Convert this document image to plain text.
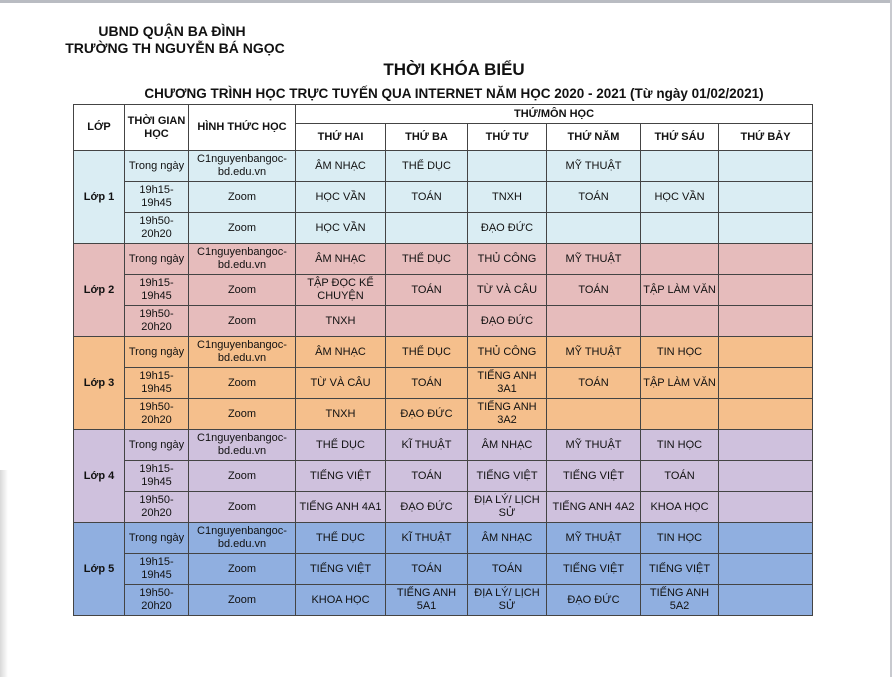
UBND QUẬN BA ĐÌNH
TRƯỜNG TH NGUYỄN BÁ NGỌC
THỜI KHÓA BIỂU
CHƯƠNG TRÌNH HỌC TRỰC TUYẾN QUA INTERNET NĂM HỌC 2020 - 2021 (Từ ngày 01/02/2021)
LỚP	THỜI GIAN HỌC	HÌNH THỨC HỌC	THỨ/MÔN HỌC					
			THỨ HAI	THỨ BA	THỨ TƯ	THỨ NĂM	THỨ SÁU	THỨ BẢY
Lớp 1	Trong ngày	C1nguyenbangoc-bd.edu.vn	ÂM NHẠC	THỂ DỤC		MỸ THUẬT		
	19h15-19h45	Zoom	HỌC VẦN	TOÁN	TNXH	TOÁN	HỌC VẦN	
	19h50-20h20	Zoom	HỌC VẦN		ĐẠO ĐỨC			
Lớp 2	Trong ngày	C1nguyenbangoc-bd.edu.vn	ÂM NHẠC	THỂ DỤC	THỦ CÔNG	MỸ THUẬT		
	19h15-19h45	Zoom	TẬP ĐỌC KỂ CHUYỆN	TOÁN	TỪ VÀ CÂU	TOÁN	TẬP LÀM VĂN	
	19h50-20h20	Zoom	TNXH		ĐẠO ĐỨC			
Lớp 3	Trong ngày	C1nguyenbangoc-bd.edu.vn	ÂM NHẠC	THỂ DỤC	THỦ CÔNG	MỸ THUẬT	TIN HỌC	
	19h15-19h45	Zoom	TỪ VÀ CÂU	TOÁN	TIẾNG ANH 3A1	TOÁN	TẬP LÀM VĂN	
	19h50-20h20	Zoom	TNXH	ĐẠO ĐỨC	TIẾNG ANH 3A2			
Lớp 4	Trong ngày	C1nguyenbangoc-bd.edu.vn	THỂ DỤC	KĨ THUẬT	ÂM NHẠC	MỸ THUẬT	TIN HỌC	
	19h15-19h45	Zoom	TIẾNG VIỆT	TOÁN	TIẾNG VIỆT	TIẾNG VIỆT	TOÁN	
	19h50-20h20	Zoom	TIẾNG ANH 4A1	ĐẠO ĐỨC	ĐỊA LÝ/ LỊCH SỬ	TIẾNG ANH 4A2	KHOA HỌC	
Lớp 5	Trong ngày	C1nguyenbangoc-bd.edu.vn	THỂ DỤC	KĨ THUẬT	ÂM NHẠC	MỸ THUẬT	TIN HỌC	
	19h15-19h45	Zoom	TIẾNG VIỆT	TOÁN	TOÁN	TIẾNG VIỆT	TIẾNG VIỆT	
	19h50-20h20	Zoom	KHOA HỌC	TIẾNG ANH 5A1	ĐỊA LÝ/ LỊCH SỬ	ĐẠO ĐỨC	TIẾNG ANH 5A2	
